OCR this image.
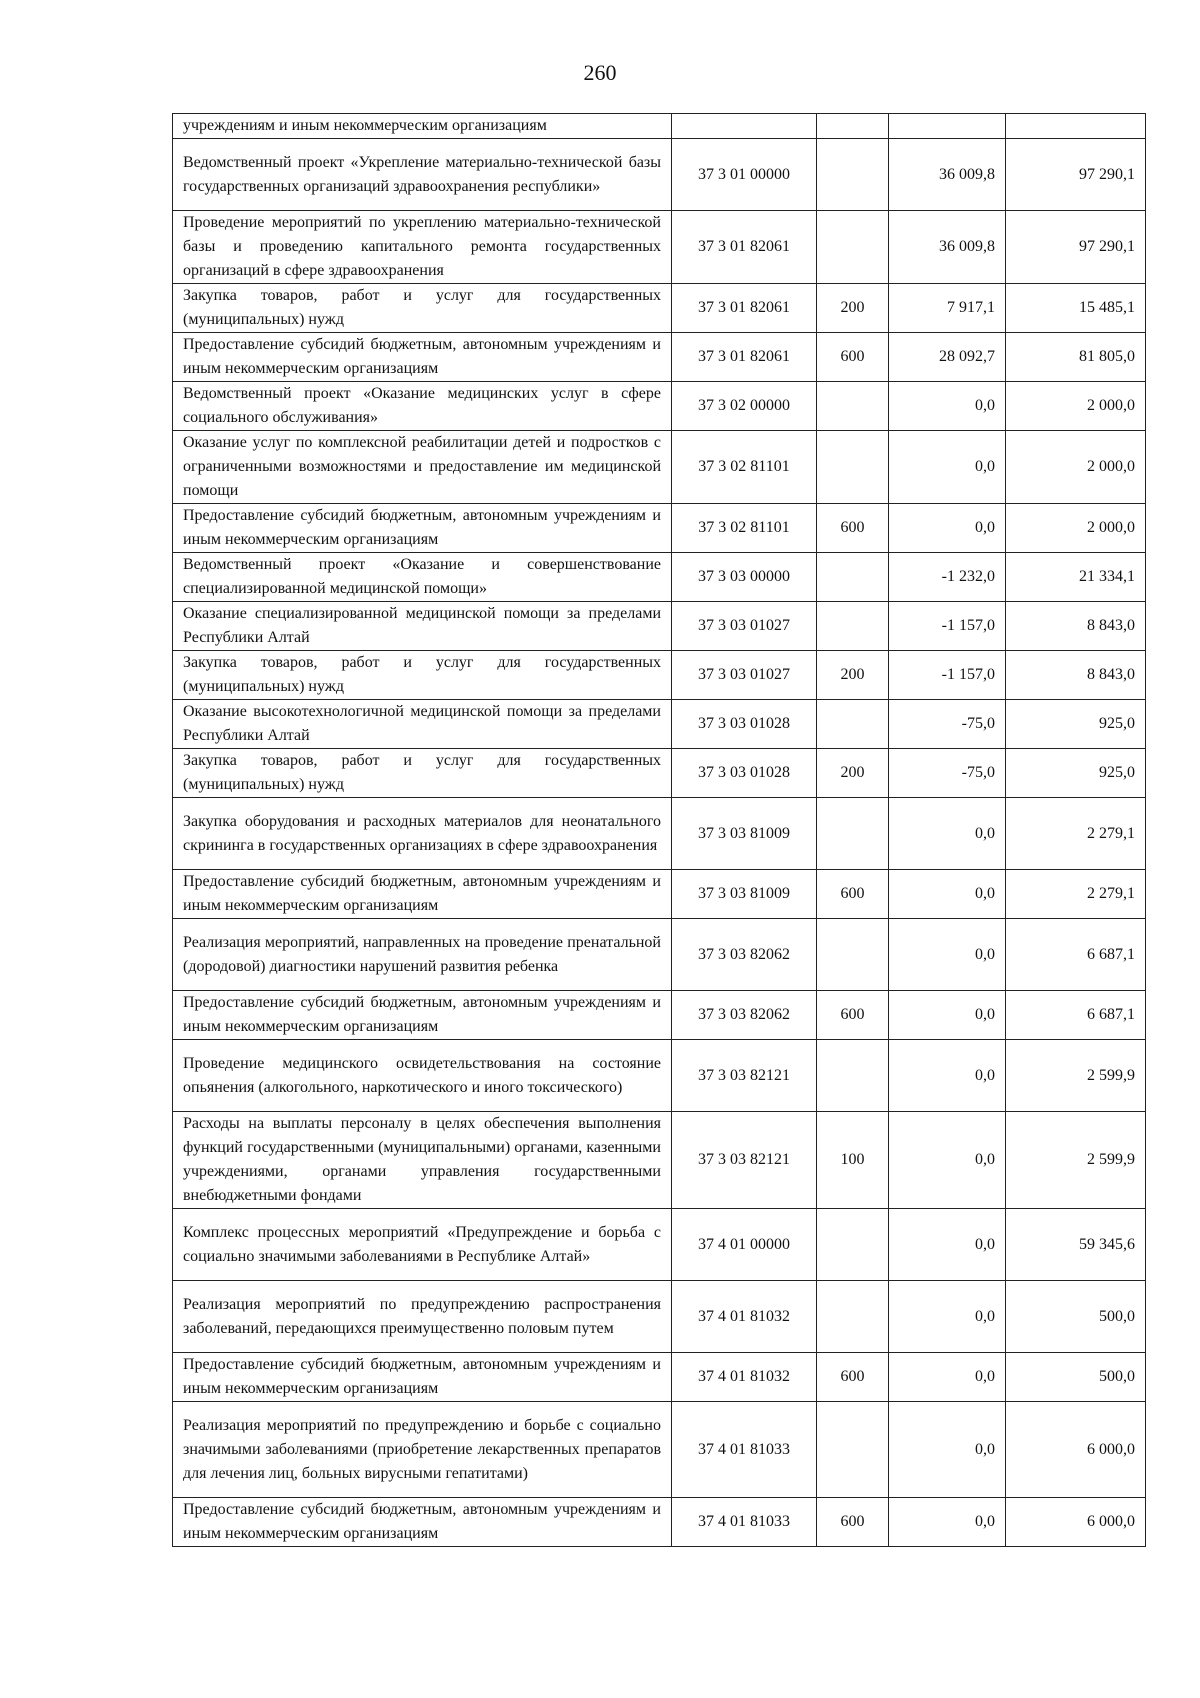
260
учреждениям и иным некоммерческим организациям				
Ведомственный проект «Укрепление материально-технической базы государственных организаций здравоохранения республики»	37 3 01 00000		36 009,8	97 290,1
Проведение мероприятий по укреплению материально-технической базы и проведению капитального ремонта государственных организаций в сфере здравоохранения	37 3 01 82061		36 009,8	97 290,1
Закупка товаров, работ и услуг для государственных (муниципальных) нужд	37 3 01 82061	200	7 917,1	15 485,1
Предоставление субсидий бюджетным, автономным учреждениям и иным некоммерческим организациям	37 3 01 82061	600	28 092,7	81 805,0
Ведомственный проект «Оказание медицинских услуг в сфере социального обслуживания»	37 3 02 00000		0,0	2 000,0
Оказание услуг по комплексной реабилитации детей и подростков с ограниченными возможностями и предоставление им медицинской помощи	37 3 02 81101		0,0	2 000,0
Предоставление субсидий бюджетным, автономным учреждениям и иным некоммерческим организациям	37 3 02 81101	600	0,0	2 000,0
Ведомственный проект «Оказание и совершенствование специализированной медицинской помощи»	37 3 03 00000		-1 232,0	21 334,1
Оказание специализированной медицинской помощи за пределами Республики Алтай	37 3 03 01027		-1 157,0	8 843,0
Закупка товаров, работ и услуг для государственных (муниципальных) нужд	37 3 03 01027	200	-1 157,0	8 843,0
Оказание высокотехнологичной медицинской помощи за пределами Республики Алтай	37 3 03 01028		-75,0	925,0
Закупка товаров, работ и услуг для государственных (муниципальных) нужд	37 3 03 01028	200	-75,0	925,0
Закупка оборудования и расходных материалов для неонатального скрининга в государственных организациях в сфере здравоохранения	37 3 03 81009		0,0	2 279,1
Предоставление субсидий бюджетным, автономным учреждениям и иным некоммерческим организациям	37 3 03 81009	600	0,0	2 279,1
Реализация мероприятий, направленных на проведение пренатальной (дородовой) диагностики нарушений развития ребенка	37 3 03 82062		0,0	6 687,1
Предоставление субсидий бюджетным, автономным учреждениям и иным некоммерческим организациям	37 3 03 82062	600	0,0	6 687,1
Проведение медицинского освидетельствования на состояние опьянения (алкогольного, наркотического и иного токсического)	37 3 03 82121		0,0	2 599,9
Расходы на выплаты персоналу в целях обеспечения выполнения функций государственными (муниципальными) органами, казенными учреждениями, органами управления государственными внебюджетными фондами	37 3 03 82121	100	0,0	2 599,9
Комплекс процессных мероприятий «Предупреждение и борьба с социально значимыми заболеваниями в Республике Алтай»	37 4 01 00000		0,0	59 345,6
Реализация мероприятий по предупреждению распространения заболеваний, передающихся преимущественно половым путем	37 4 01 81032		0,0	500,0
Предоставление субсидий бюджетным, автономным учреждениям и иным некоммерческим организациям	37 4 01 81032	600	0,0	500,0
Реализация мероприятий по предупреждению и борьбе с социально значимыми заболеваниями (приобретение лекарственных препаратов для лечения лиц, больных вирусными гепатитами)	37 4 01 81033		0,0	6 000,0
Предоставление субсидий бюджетным, автономным учреждениям и иным некоммерческим организациям	37 4 01 81033	600	0,0	6 000,0
